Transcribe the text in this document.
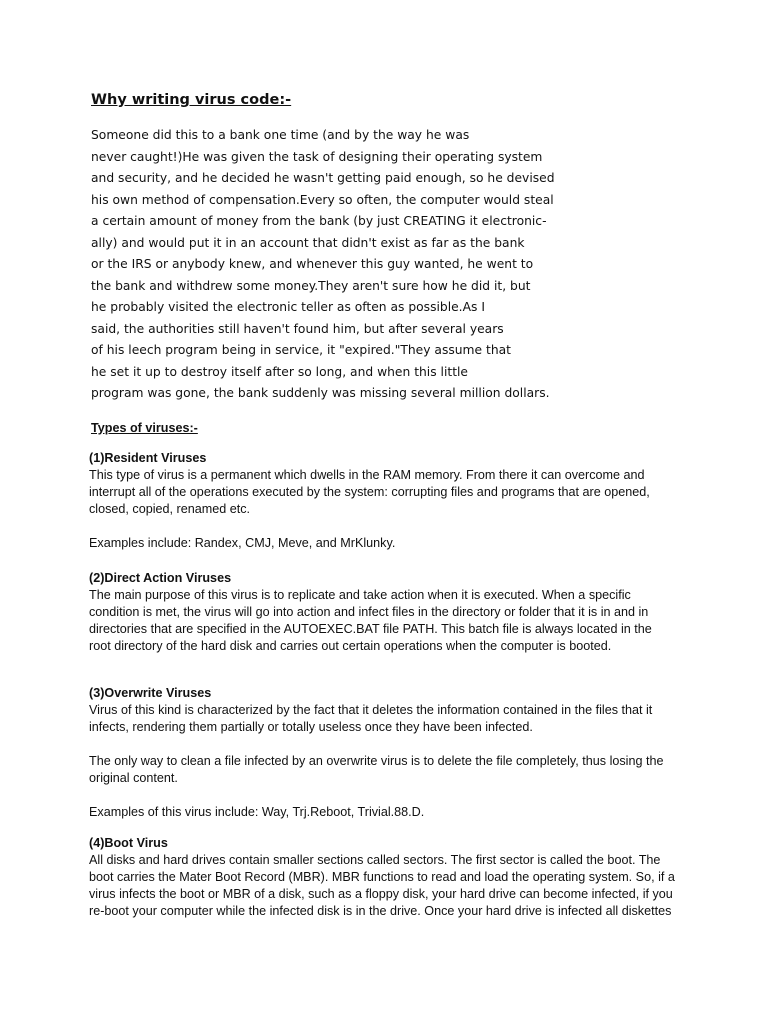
Why writing virus code:-
Someone did this to a bank one time (and by the way he was
never caught!)He was given the task of designing their operating system
and security, and he decided he wasn't getting paid enough, so he devised
his own method of compensation.Every so often, the computer would steal
a certain amount of money from the bank (by just CREATING it electronic-
ally) and would put it in an account that didn't exist as far as the bank
or the IRS or anybody knew, and whenever this guy wanted, he went to
the bank and withdrew some money.They aren't sure how he did it, but
he probably visited the electronic teller as often as possible.As I
said, the authorities still haven't found him, but after several years
of his leech program being in service, it "expired."They assume that
he set it up to destroy itself after so long, and when this little
program was gone, the bank suddenly was missing several million dollars.
Types of viruses:-
(1)Resident Viruses
This type of virus is a permanent which dwells in the RAM memory. From there it can overcome and
interrupt all of the operations executed by the system: corrupting files and programs that are opened,
closed, copied, renamed etc.
Examples include: Randex, CMJ, Meve, and MrKlunky.
(2)Direct Action Viruses
The main purpose of this virus is to replicate and take action when it is executed. When a specific
condition is met, the virus will go into action and infect files in the directory or folder that it is in and in
directories that are specified in the AUTOEXEC.BAT file PATH. This batch file is always located in the
root directory of the hard disk and carries out certain operations when the computer is booted.
(3)Overwrite Viruses
Virus of this kind is characterized by the fact that it deletes the information contained in the files that it
infects, rendering them partially or totally useless once they have been infected.
The only way to clean a file infected by an overwrite virus is to delete the file completely, thus losing the
original content.
Examples of this virus include: Way, Trj.Reboot, Trivial.88.D.
(4)Boot Virus
All disks and hard drives contain smaller sections called sectors. The first sector is called the boot. The
boot carries the Mater Boot Record (MBR). MBR functions to read and load the operating system. So, if a
virus infects the boot or MBR of a disk, such as a floppy disk, your hard drive can become infected, if you
re-boot your computer while the infected disk is in the drive. Once your hard drive is infected all diskettes
